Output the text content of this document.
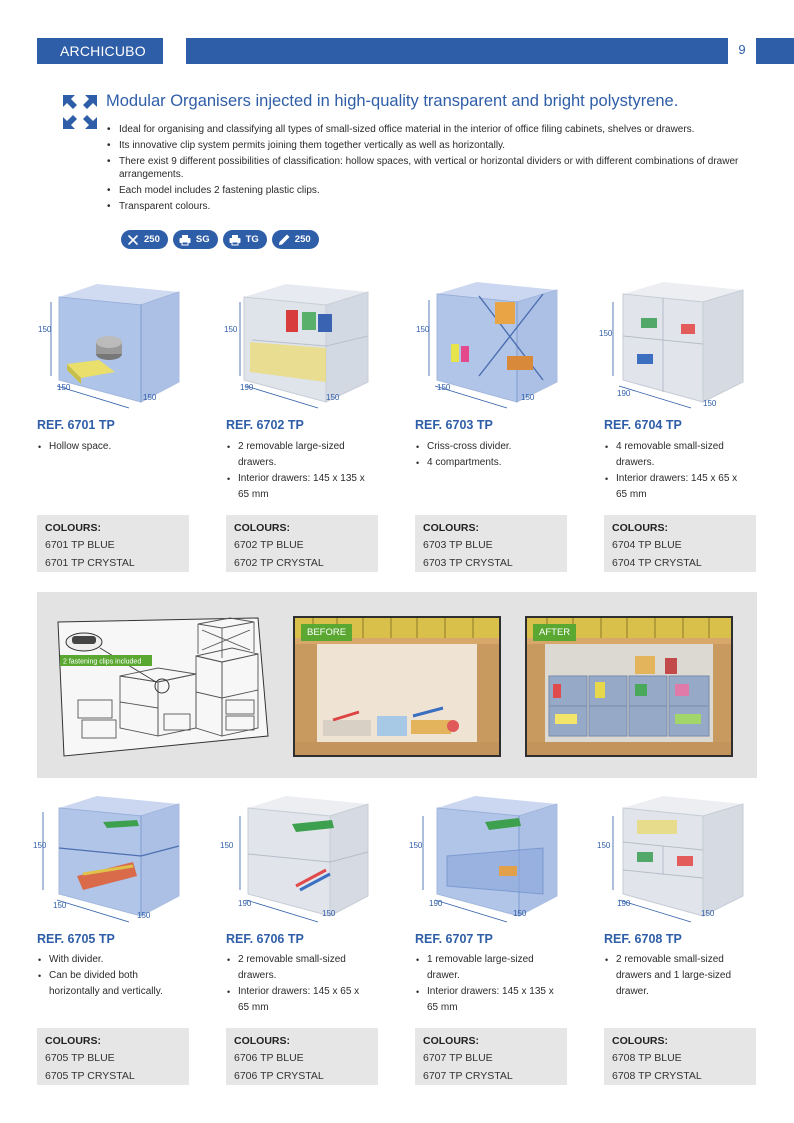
ARCHICUBO	9
Modular Organisers injected in high-quality transparent and bright polystyrene.
• Ideal for organising and classifying all types of small-sized office material in the interior of office filing cabinets, shelves or drawers.
• Its innovative clip system permits joining them together vertically as well as horizontally.
• There exist 9 different possibilities of classification: hollow spaces, with vertical or horizontal dividers or with different combinations of drawer arrangements.
• Each model includes 2 fastening plastic clips.
• Transparent colours.
250	SG	TG	250
150
150
150
150
190
150
150
150
150
150
190
150
REF. 6701 TP	REF. 6702 TP	REF. 6703 TP	REF. 6704 TP
• Hollow space.
•	2 removable large-sized drawers.
• Interior drawers: 145 x 135 x 65 mm
• Criss-cross divider.
• 4 compartments.
• 4 removable small-sized drawers.
• Interior drawers: 145 x 65 x 65 mm
COLOURS:
6701 TP BLUE
6701 TP CRYSTAL
COLOURS:
6702 TP BLUE
6702 TP CRYSTAL
COLOURS:
6703 TP BLUE
6703 TP CRYSTAL
COLOURS:
6704 TP BLUE
6704 TP CRYSTAL
2 fastening clips included
BEFORE	AFTER
150
150
150
150
190
150
150
190
150
150
190
150
REF. 6705 TP	REF. 6706 TP	REF. 6707 TP	REF. 6708 TP
• With divider.
• Can be divided both horizontally and vertically.
• 2 removable small-sized drawers.
• Interior drawers: 145 x 65 x 65 mm
• 1 removable large-sized drawer.
• Interior drawers: 145 x 135 x 65 mm
• 2 removable small-sized drawers and 1 large-sized drawer.
COLOURS:
6705 TP BLUE
6705 TP CRYSTAL
COLOURS:
6706 TP BLUE
6706 TP CRYSTAL
COLOURS:
6707 TP BLUE
6707 TP CRYSTAL
COLOURS:
6708 TP BLUE
6708 TP CRYSTAL
